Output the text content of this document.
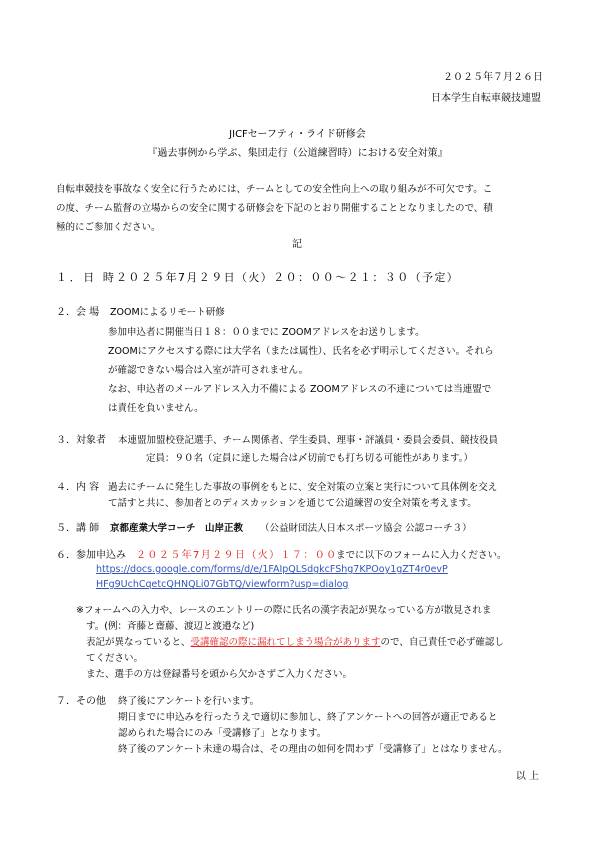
２０２５年７月２６日
日本学生自転車競技連盟
JICFセーフティ・ライド研修会
『過去事例から学ぶ、集団走行（公道練習時）における安全対策』
自転車競技を事故なく安全に行うためには、チームとしての安全性向上への取り組みが不可欠です。こ
の度、チーム監督の立場からの安全に関する研修会を下記のとおり開催することとなりましたので、積
極的にご参加ください。
記
１．日 時 ２０２５年7月２９日（火）２０：００～２１：３０（予定）
２．会 場 ZOOMによるリモート研修
参加申込者に開催当日１８：００までに ZOOMアドレスをお送りします。
ZOOMにアクセスする際には大学名（または属性）、氏名を必ず明示してください。それら
が確認できない場合は入室が許可されません。
なお、申込者のメールアドレス入力不備による ZOOMアドレスの不達については当連盟で
は責任を負いません。
３．対象者 本連盟加盟校登記選手、チーム関係者、学生委員、理事・評議員・委員会委員、競技役員
定員：９０名（定員に達した場合は〆切前でも打ち切る可能性があります。）
４．内 容 過去にチームに発生した事故の事例をもとに、安全対策の立案と実行について具体例を交え
て話すと共に、参加者とのディスカッションを通じて公道練習の安全対策を考えます。
５．講 師 京都産業大学コーチ　山岸正教 （公益財団法人日本スポーツ協会 公認コーチ３）
６．参加申込み ２０２５年7月２９日（火）１７：００
までに以下のフォームに入力ください。
https://docs.google.com/forms/d/e/1FAIpQLSdgkcFShg7KPOoy1gZT4r0evP
HFg9UchCqetcQHNQLi07GbTQ/viewform?usp=dialog
※フォームへの入力や、レースのエントリーの際に氏名の漢字表記が異なっている方が散見されま
す。(例：斉藤と齋藤、渡辺と渡邉など)
表記が異なっていると、受講確認の際に漏れてしまう場合がありますので、自己責任で必ず確認し
てください。
また、選手の方は登録番号を頭から欠かさずご入力ください。
７．その他 終了後にアンケートを行います。
期日までに申込みを行ったうえで適切に参加し、終了アンケートへの回答が適正であると
認められた場合にのみ「受講修了」となります。
終了後のアンケート未達の場合は、その理由の如何を問わず「受講修了」とはなりません。
以 上
